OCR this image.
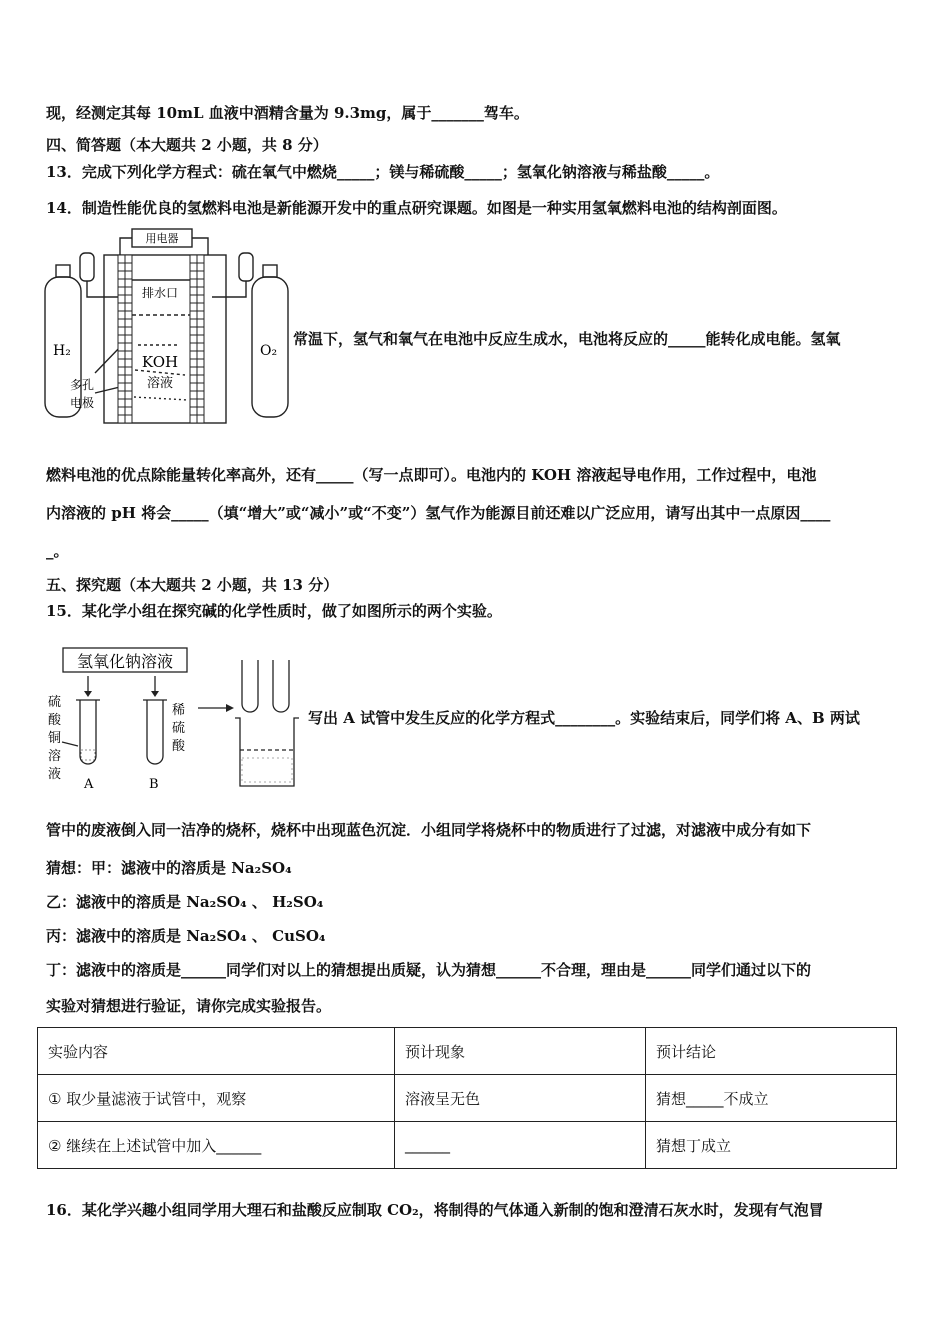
现，经测定其每 10mL 血液中酒精含量为 9.3mg，属于_______驾车。
四、简答题（本大题共 2 小题，共 8 分）
13．完成下列化学方程式：硫在氧气中燃烧_____；镁与稀硫酸_____；氢氧化钠溶液与稀盐酸_____。
14．制造性能优良的氢燃料电池是新能源开发中的重点研究课题。如图是一种实用氢氧燃料电池的结构剖面图。
用电器
排水口
KOH
溶液
多孔
电极
H₂	O₂
常温下，氢气和氧气在电池中反应生成水，电池将反应的_____能转化成电能。氢氧
燃料电池的优点除能量转化率高外，还有_____（写一点即可）。电池内的 KOH 溶液起导电作用，工作过程中，电池
内溶液的 pH 将会_____（填“增大”或“减小”或“不变”）氢气作为能源目前还难以广泛应用，请写出其中一点原因____
_。
五、探究题（本大题共 2 小题，共 13 分）
15．某化学小组在探究碱的化学性质时，做了如图所示的两个实验。
氢氧化钠溶液
硫
酸
铜
溶
液
稀
硫
酸
A	B
写出 A 试管中发生反应的化学方程式________。实验结束后，同学们将 A、B 两试
管中的废液倒入同一洁净的烧杯，烧杯中出现蓝色沉淀．小组同学将烧杯中的物质进行了过滤，对滤液中成分有如下
猜想：甲：滤液中的溶质是 Na₂SO₄
乙：滤液中的溶质是 Na₂SO₄ 、 H₂SO₄
丙：滤液中的溶质是 Na₂SO₄ 、 CuSO₄
丁：滤液中的溶质是______同学们对以上的猜想提出质疑，认为猜想______不合理，理由是______同学们通过以下的
实验对猜想进行验证，请你完成实验报告。
实验内容	预计现象	预计结论
① 取少量滤液于试管中，观察	溶液呈无色	猜想_____不成立
② 继续在上述试管中加入______	______	猜想丁成立
16．某化学兴趣小组同学用大理石和盐酸反应制取 CO₂，将制得的气体通入新制的饱和澄清石灰水时，发现有气泡冒
